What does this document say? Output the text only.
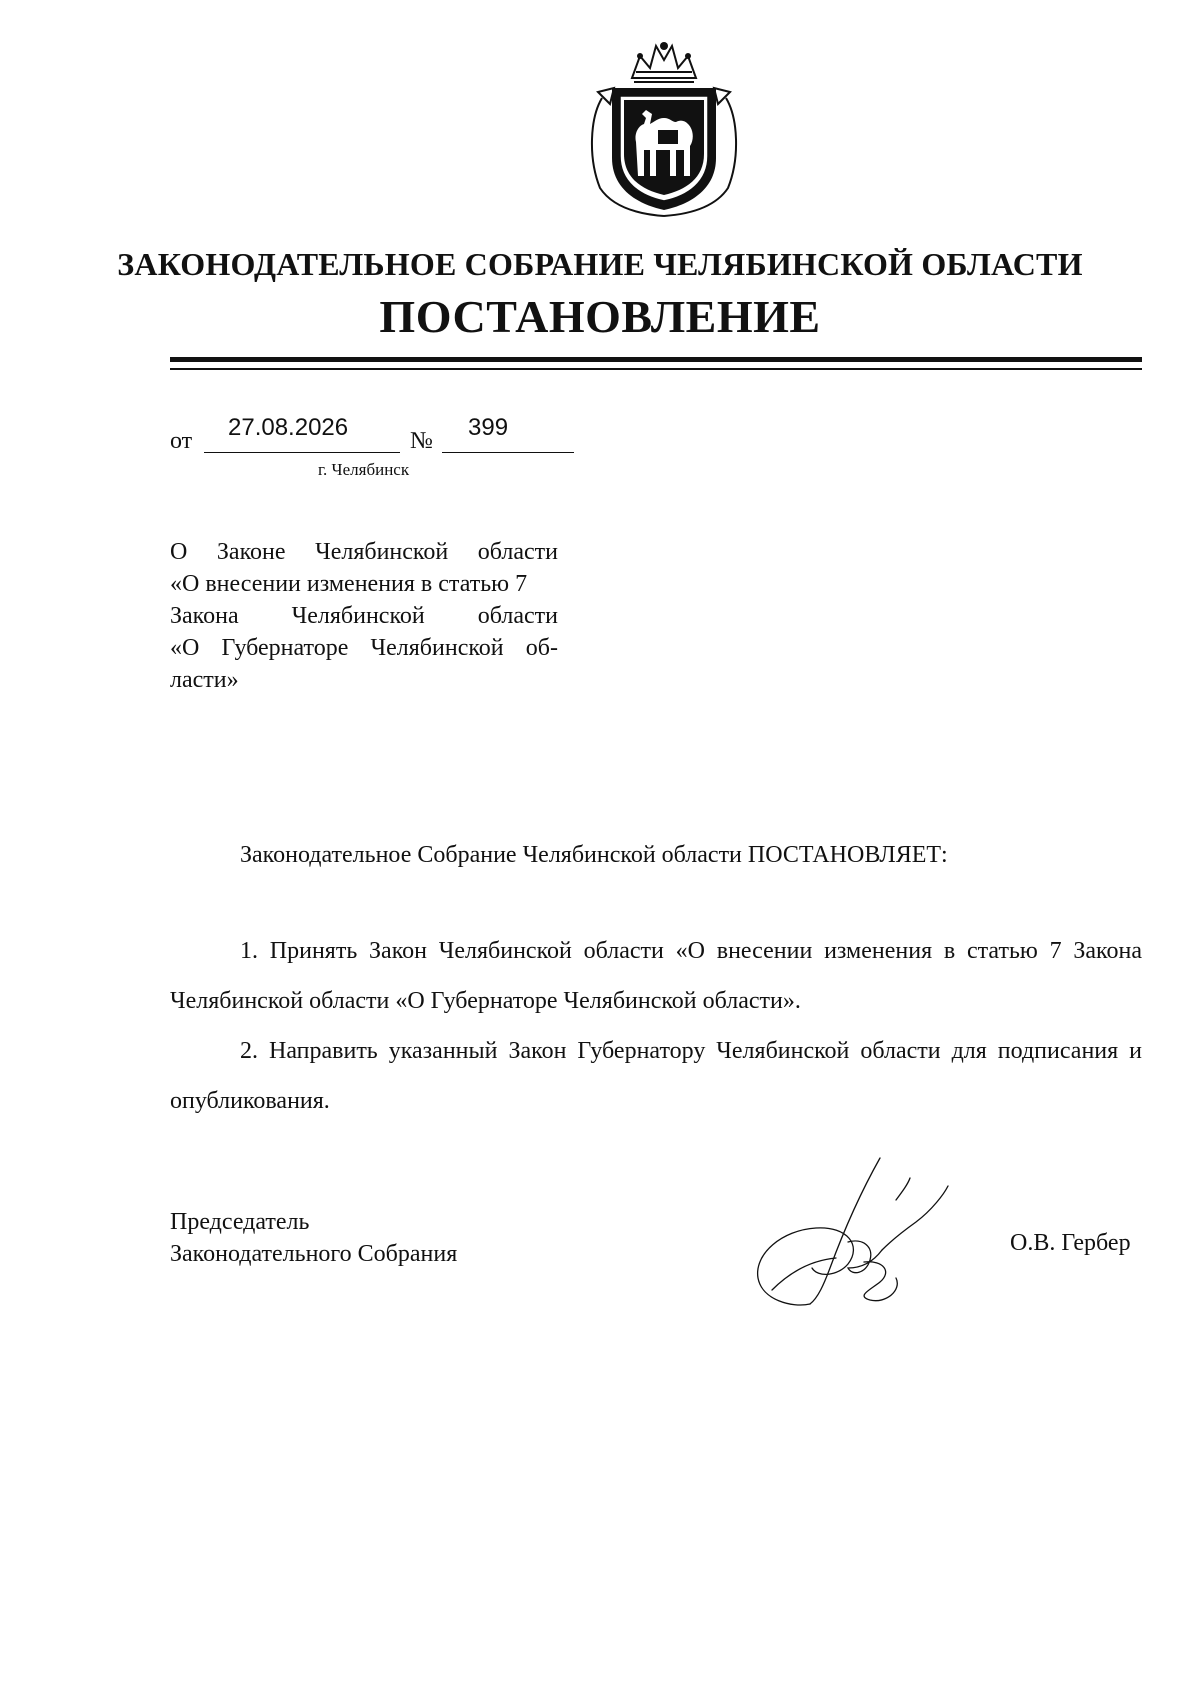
ЗАКОНОДАТЕЛЬНОЕ СОБРАНИЕ ЧЕЛЯБИНСКОЙ ОБЛАСТИ
ПОСТАНОВЛЕНИЕ
от 27.08.2026	№ 399
г. Челябинск
О Законе Челябинской области
«О внесении изменения в статью 7
Закона Челябинской области
«О Губернаторе Челябинской об-
ласти»
Законодательное Собрание Челябинской области ПОСТАНОВЛЯЕТ:
1. Принять Закон Челябинской области «О внесении изменения в статью 7 Закона Челябинской области «О Губернаторе Челябинской области».
2. Направить указанный Закон Губернатору Челябинской области для подписания и опубликования.
Председатель
Законодательного Собрания	О.В. Гербер
